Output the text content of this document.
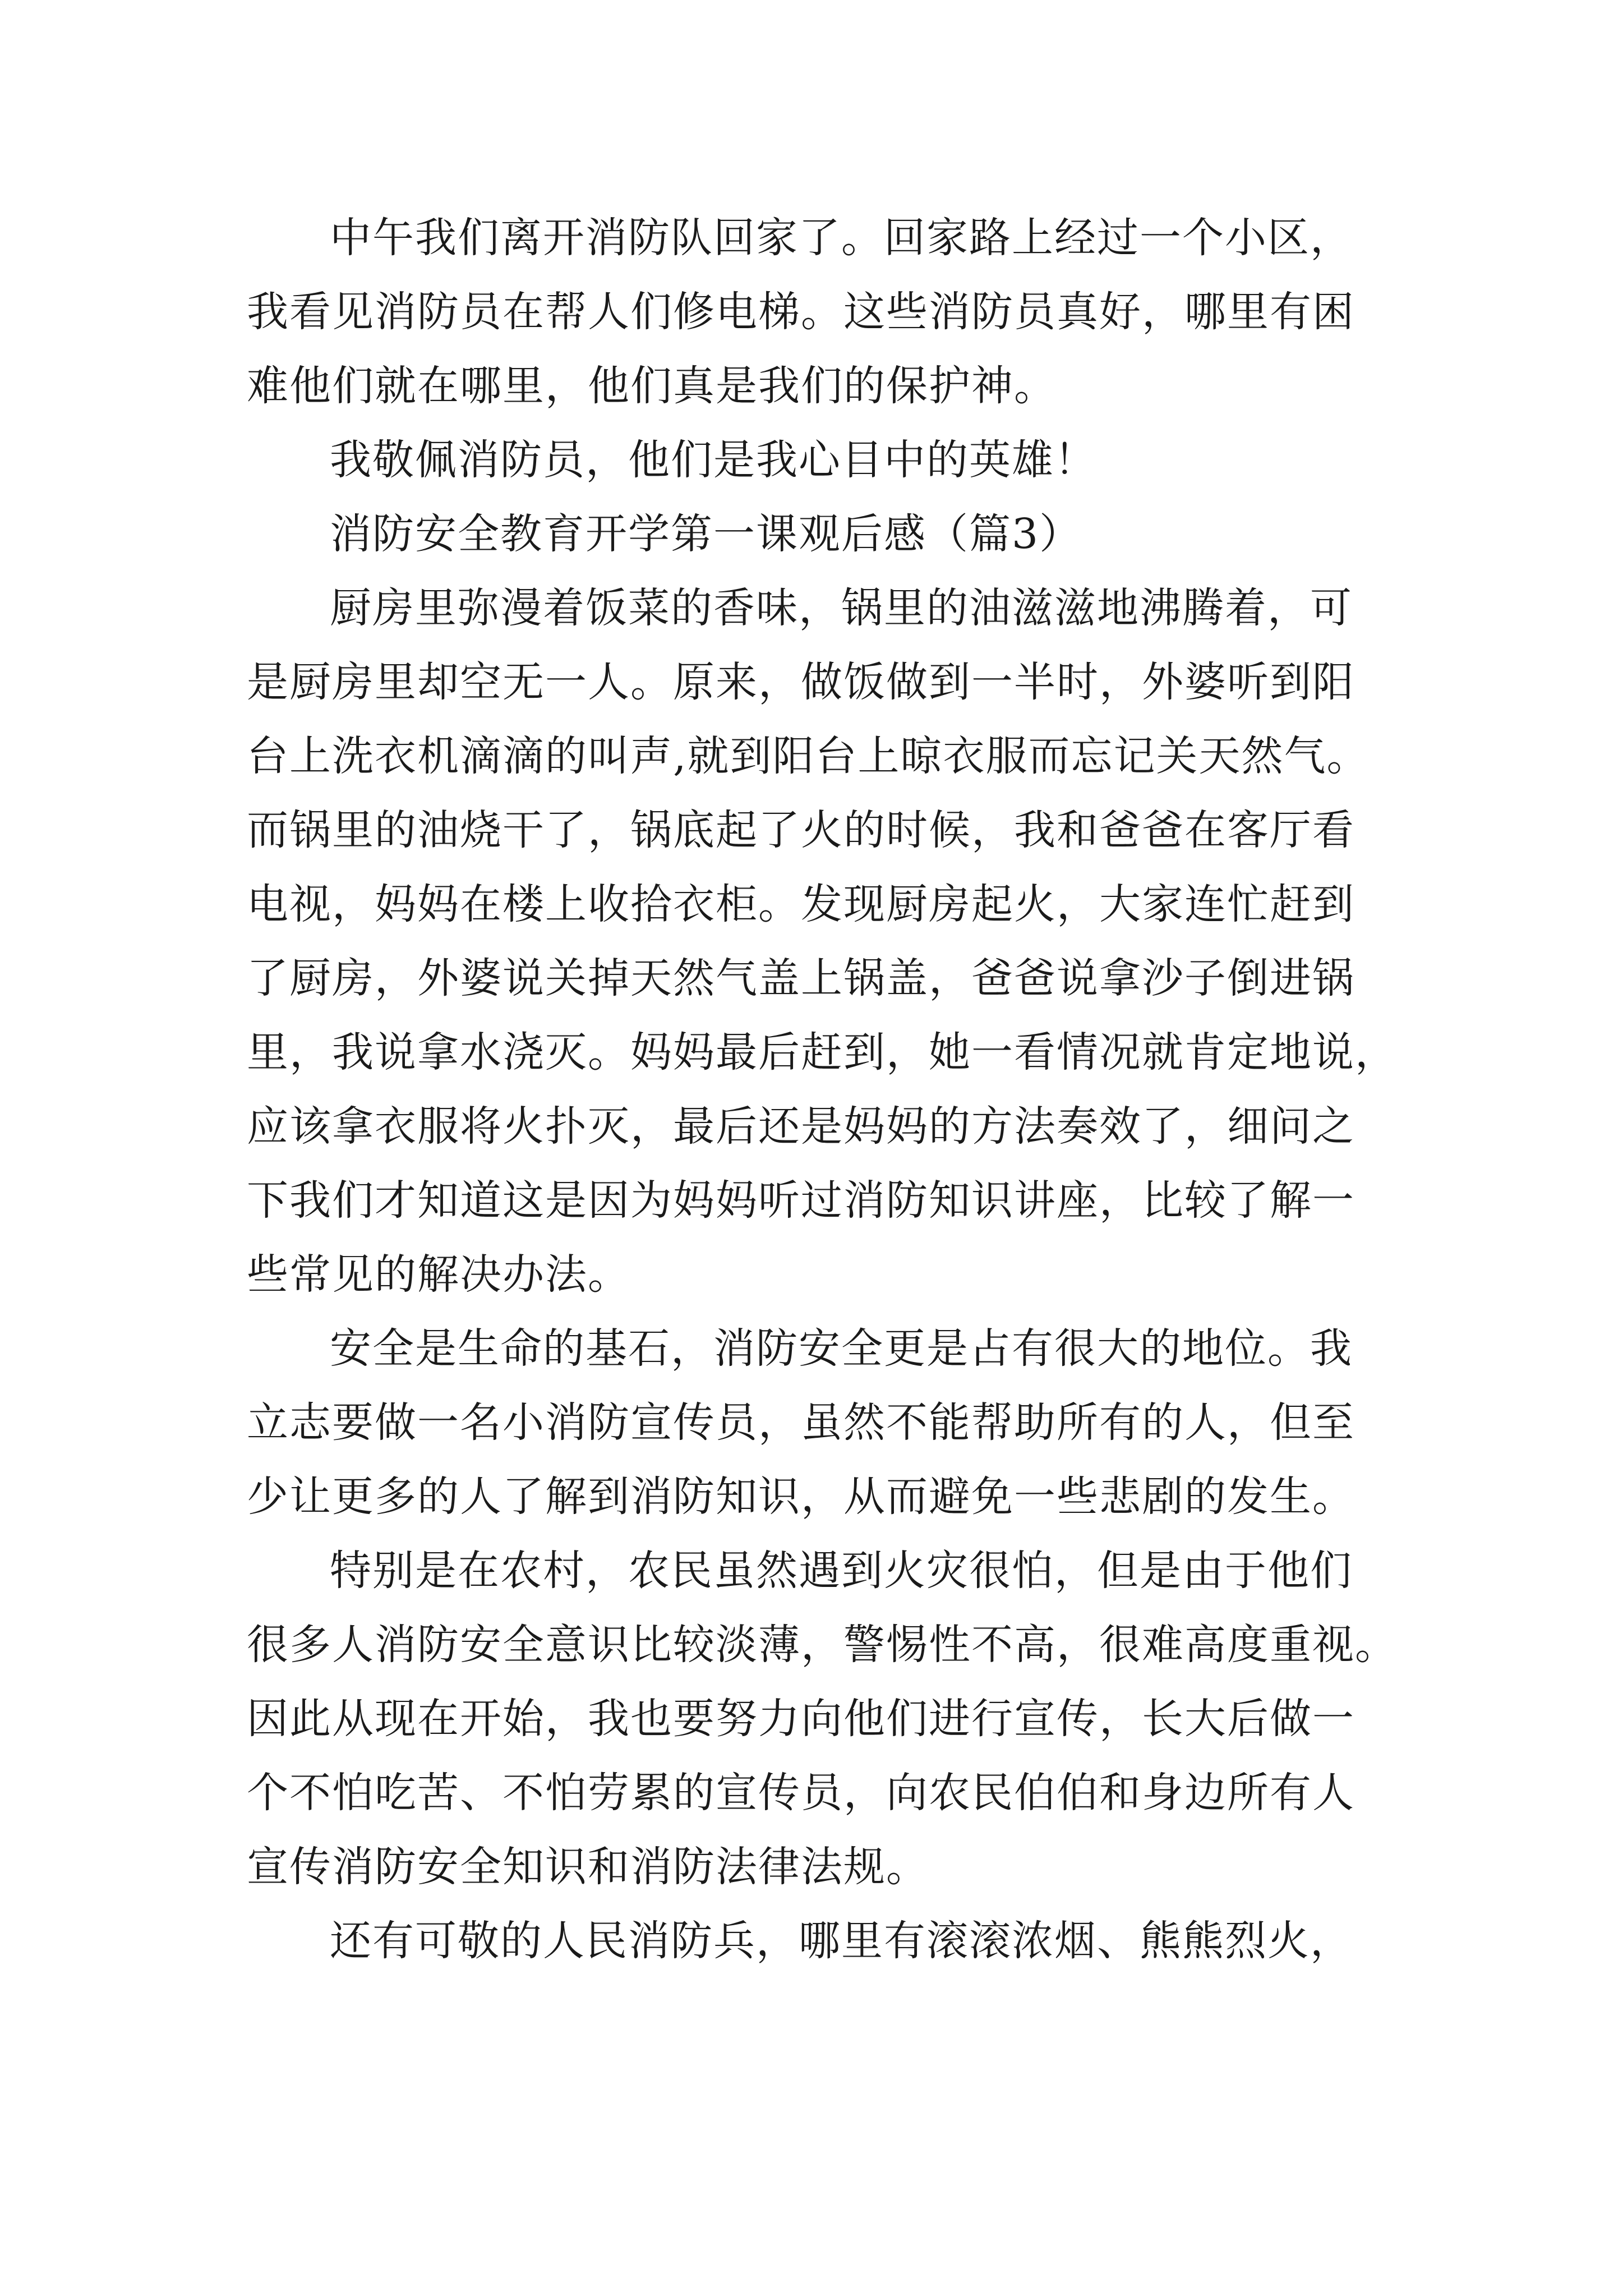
中午我们离开消防队回家了。回家路上经过一个小区，
我看见消防员在帮人们修电梯。这些消防员真好，哪里有困
难他们就在哪里，他们真是我们的保护神。
我敬佩消防员，他们是我心目中的英雄！
消防安全教育开学第一课观后感（篇3）
厨房里弥漫着饭菜的香味，锅里的油滋滋地沸腾着，可
是厨房里却空无一人。原来，做饭做到一半时，外婆听到阳
台上洗衣机滴滴的叫声,就到阳台上晾衣服而忘记关天然气。
而锅里的油烧干了，锅底起了火的时候，我和爸爸在客厅看
电视，妈妈在楼上收拾衣柜。发现厨房起火，大家连忙赶到
了厨房，外婆说关掉天然气盖上锅盖，爸爸说拿沙子倒进锅
里，我说拿水浇灭。妈妈最后赶到，她一看情况就肯定地说，
应该拿衣服将火扑灭，最后还是妈妈的方法奏效了，细问之
下我们才知道这是因为妈妈听过消防知识讲座，比较了解一
些常见的解决办法。
安全是生命的基石，消防安全更是占有很大的地位。我
立志要做一名小消防宣传员，虽然不能帮助所有的人，但至
少让更多的人了解到消防知识，从而避免一些悲剧的发生。
特别是在农村，农民虽然遇到火灾很怕，但是由于他们
很多人消防安全意识比较淡薄，警惕性不高，很难高度重视。
因此从现在开始，我也要努力向他们进行宣传，长大后做一
个不怕吃苦、不怕劳累的宣传员，向农民伯伯和身边所有人
宣传消防安全知识和消防法律法规。
还有可敬的人民消防兵，哪里有滚滚浓烟、熊熊烈火，
